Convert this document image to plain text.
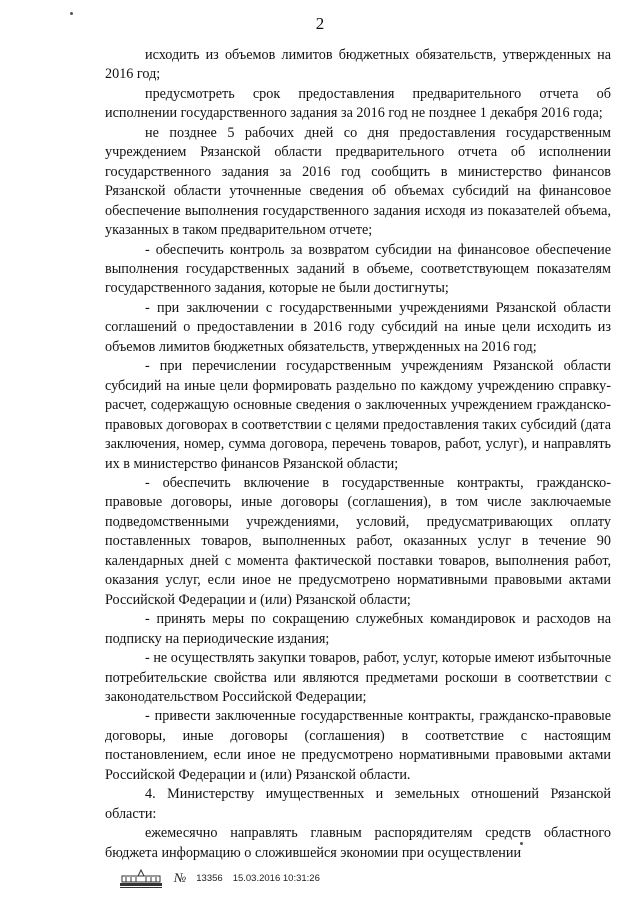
2

исходить из объемов лимитов бюджетных обязательств, утвержденных на 2016 год;

предусмотреть срок предоставления предварительного отчета об исполнении государственного задания за 2016 год не позднее 1 декабря 2016 года;

не позднее 5 рабочих дней со дня предоставления государственным учреждением Рязанской области предварительного отчета об исполнении государственного задания за 2016 год сообщить в министерство финансов Рязанской области уточненные сведения об объемах субсидий на финансовое обеспечение выполнения государственного задания исходя из показателей объема, указанных в таком предварительном отчете;

- обеспечить контроль за возвратом субсидии на финансовое обеспечение выполнения государственных заданий в объеме, соответствующем показателям государственного задания, которые не были достигнуты;

- при заключении с государственными учреждениями Рязанской области соглашений о предоставлении в 2016 году субсидий на иные цели исходить из объемов лимитов бюджетных обязательств, утвержденных на 2016 год;

- при перечислении государственным учреждениям Рязанской области субсидий на иные цели формировать раздельно по каждому учреждению справку-расчет, содержащую основные сведения о заключенных учреждением гражданско-правовых договорах в соответствии с целями предоставления таких субсидий (дата заключения, номер, сумма договора, перечень товаров, работ, услуг), и направлять их в министерство финансов Рязанской области;

- обеспечить включение в государственные контракты, гражданско-правовые договоры, иные договоры (соглашения), в том числе заключаемые подведомственными учреждениями, условий, предусматривающих оплату поставленных товаров, выполненных работ, оказанных услуг в течение 90 календарных дней с момента фактической поставки товаров, выполнения работ, оказания услуг, если иное не предусмотрено нормативными правовыми актами Российской Федерации и (или) Рязанской области;

- принять меры по сокращению служебных командировок и расходов на подписку на периодические издания;

- не осуществлять закупки товаров, работ, услуг, которые имеют избыточные потребительские свойства или являются предметами роскоши в соответствии с законодательством Российской Федерации;

- привести заключенные государственные контракты, гражданско-правовые договоры, иные договоры (соглашения) в соответствие с настоящим постановлением, если иное не предусмотрено нормативными правовыми актами Российской Федерации и (или) Рязанской области.

4. Министерству имущественных и земельных отношений Рязанской области:

ежемесячно направлять главным распорядителям средств областного бюджета информацию о сложившейся экономии при осуществлении

№ 13356 15.03.2016 10:31:26
